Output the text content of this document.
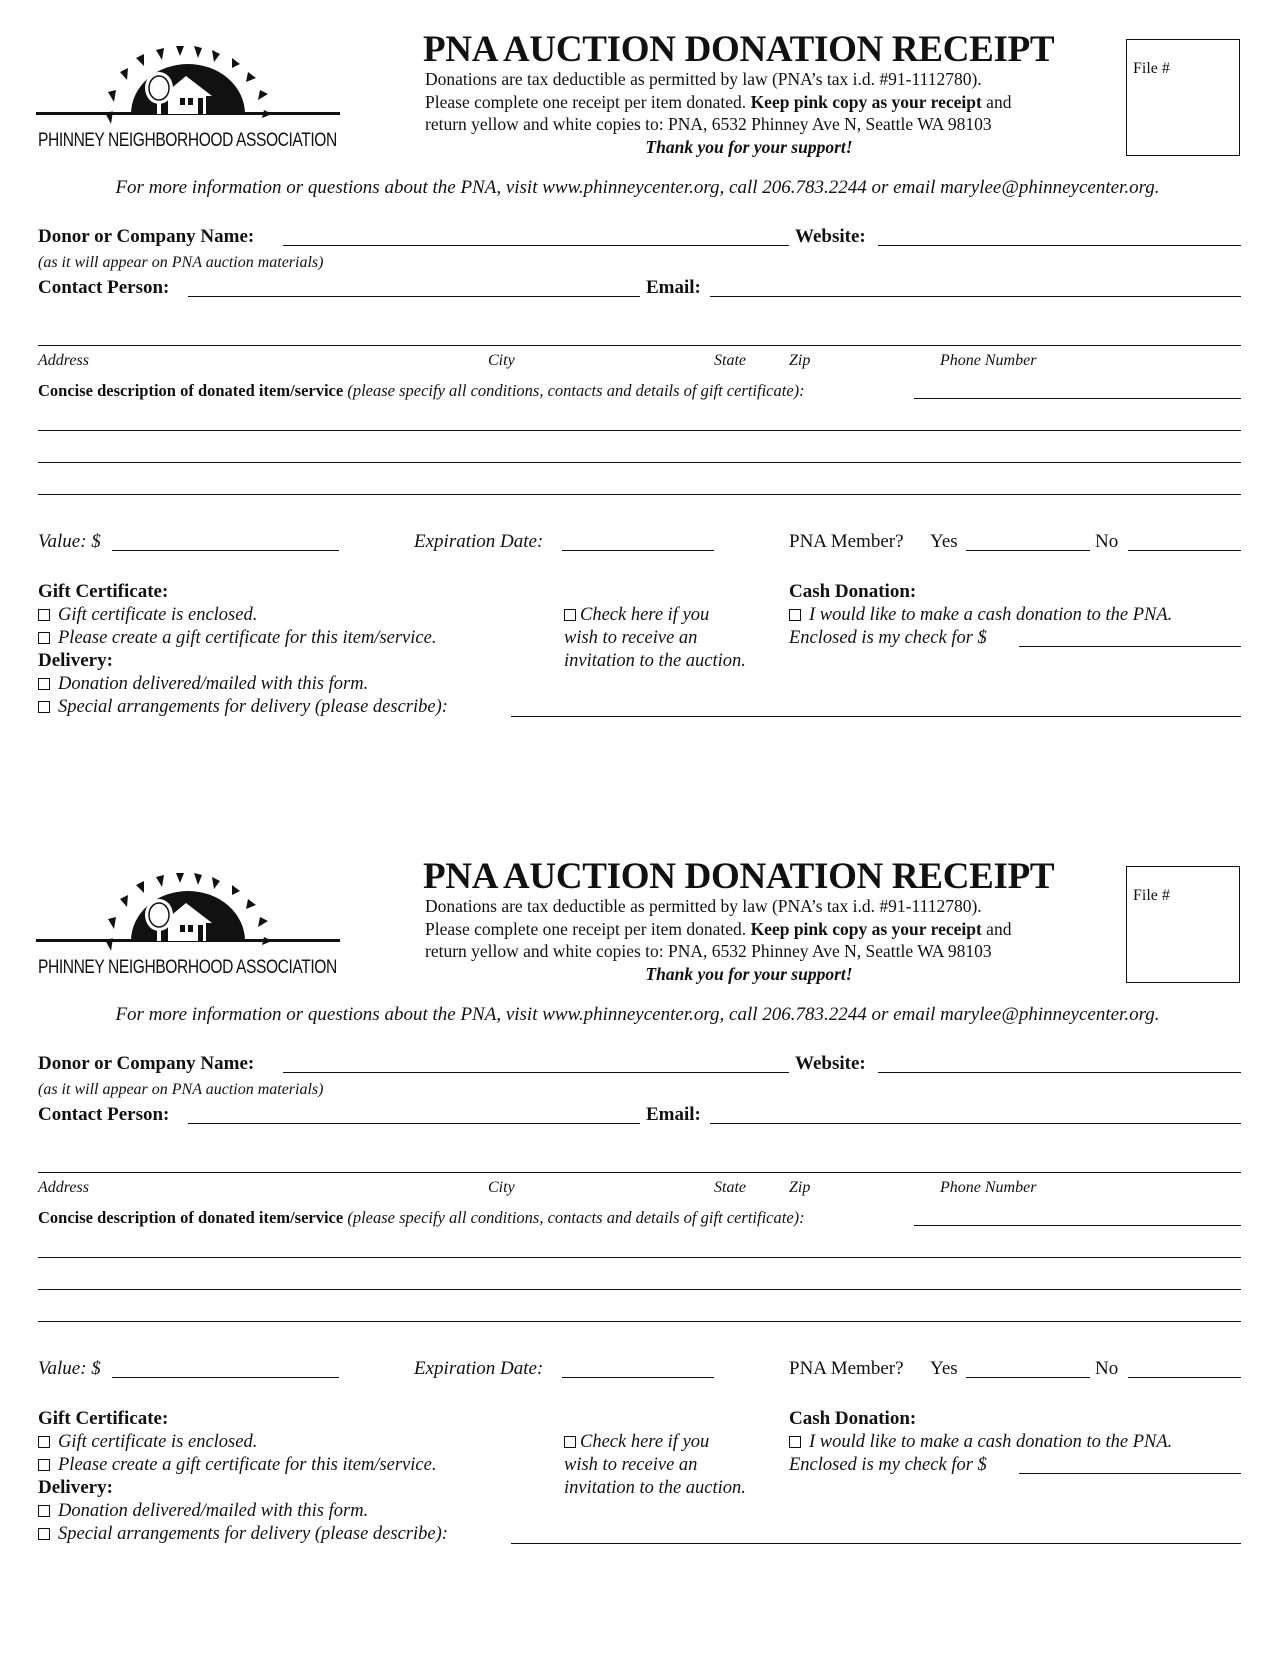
PHINNEY NEIGHBORHOOD ASSOCIATION
PNA AUCTION DONATION RECEIPT
Donations are tax deductible as permitted by law (PNA’s tax i.d. #91-1112780).
Please complete one receipt per item donated. Keep pink copy as your receipt and
return yellow and white copies to: PNA, 6532 Phinney Ave N, Seattle WA 98103
Thank you for your support!
File #
For more information or questions about the PNA, visit www.phinneycenter.org, call 206.783.2244 or email marylee@phinneycenter.org.
Donor or Company Name:	Website:
(as it will appear on PNA auction materials)
Contact Person:	Email:
Address	City	State	Zip	Phone Number
Concise description of donated item/service (please specify all conditions, contacts and details of gift certificate):
Value: $	Expiration Date:	PNA Member? Yes	No
Gift Certificate:
Gift certificate is enclosed.
Please create a gift certificate for this item/service.
Delivery:
Donation delivered/mailed with this form.
Special arrangements for delivery (please describe):
Check here if you
wish to receive an
invitation to the auction.
Cash Donation:
I would like to make a cash donation to the PNA.
Enclosed is my check for $
PHINNEY NEIGHBORHOOD ASSOCIATION
PNA AUCTION DONATION RECEIPT
Donations are tax deductible as permitted by law (PNA’s tax i.d. #91-1112780).
Please complete one receipt per item donated. Keep pink copy as your receipt and
return yellow and white copies to: PNA, 6532 Phinney Ave N, Seattle WA 98103
Thank you for your support!
File #
For more information or questions about the PNA, visit www.phinneycenter.org, call 206.783.2244 or email marylee@phinneycenter.org.
Donor or Company Name:	Website:
(as it will appear on PNA auction materials)
Contact Person:	Email:
Address	City	State	Zip	Phone Number
Concise description of donated item/service (please specify all conditions, contacts and details of gift certificate):
Value: $	Expiration Date:	PNA Member? Yes	No
Gift Certificate:
Gift certificate is enclosed.
Please create a gift certificate for this item/service.
Delivery:
Donation delivered/mailed with this form.
Special arrangements for delivery (please describe):
Check here if you
wish to receive an
invitation to the auction.
Cash Donation:
I would like to make a cash donation to the PNA.
Enclosed is my check for $
